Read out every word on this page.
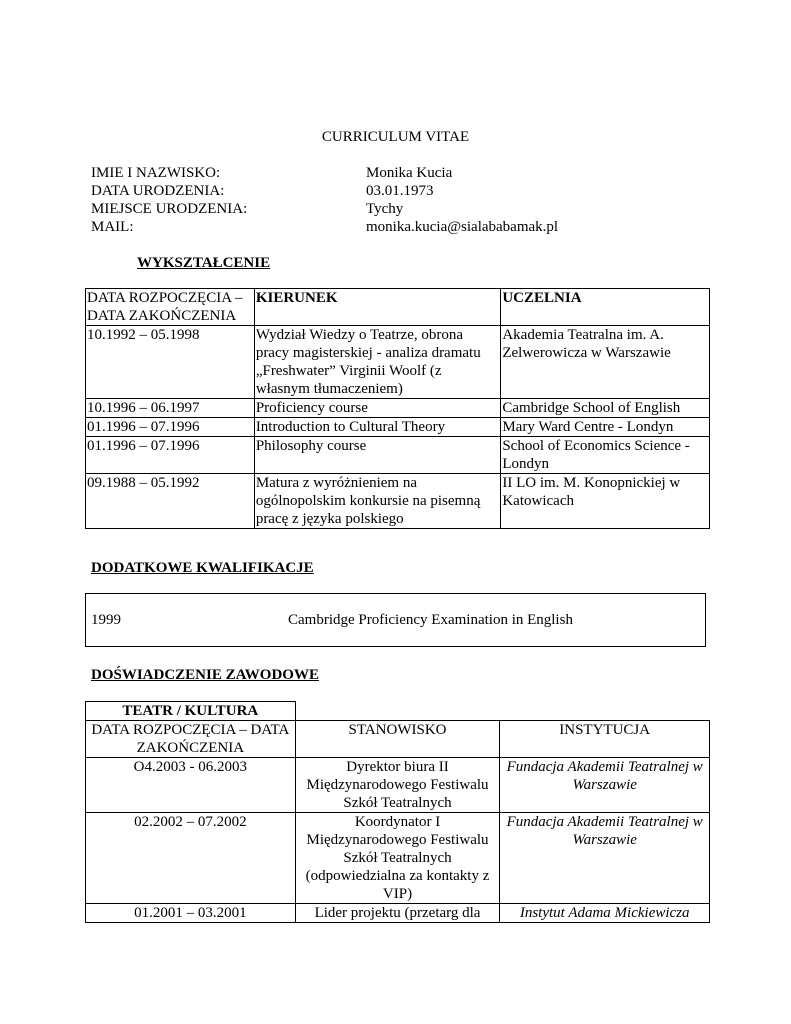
CURRICULUM VITAE
IMIE I NAZWISKO:	Monika Kucia
DATA URODZENIA:	03.01.1973
MIEJSCE URODZENIA:	Tychy
MAIL:	monika.kucia@sialababamak.pl
WYKSZTAŁCENIE
DATA ROZPOCZĘCIA – DATA ZAKOŃCZENIA	KIERUNEK	UCZELNIA
10.1992 – 05.1998	Wydział Wiedzy o Teatrze, obrona pracy magisterskiej - analiza dramatu „Freshwater” Virginii Woolf (z własnym tłumaczeniem)	Akademia Teatralna im. A. Zelwerowicza w Warszawie
10.1996 – 06.1997	Proficiency course	Cambridge School of English
01.1996 – 07.1996	Introduction to Cultural Theory	Mary Ward Centre - Londyn
01.1996 – 07.1996	Philosophy course	School of Economics Science - Londyn
09.1988 – 05.1992	Matura z wyróżnieniem na ogólnopolskim konkursie na pisemną pracę z języka polskiego	II LO im. M. Konopnickiej w Katowicach
DODATKOWE KWALIFIKACJE
1999	Cambridge Proficiency Examination in English
DOŚWIADCZENIE ZAWODOWE
TEATR / KULTURA		
DATA ROZPOCZĘCIA – DATA ZAKOŃCZENIA	STANOWISKO	INSTYTUCJA
O4.2003 - 06.2003	Dyrektor biura II Międzynarodowego Festiwalu Szkół Teatralnych	Fundacja Akademii Teatralnej w Warszawie
02.2002 – 07.2002	Koordynator I Międzynarodowego Festiwalu Szkół Teatralnych (odpowiedzialna za kontakty z VIP)	Fundacja Akademii Teatralnej w Warszawie
01.2001 – 03.2001	Lider projektu (przetarg dla	Instytut Adama Mickiewicza
